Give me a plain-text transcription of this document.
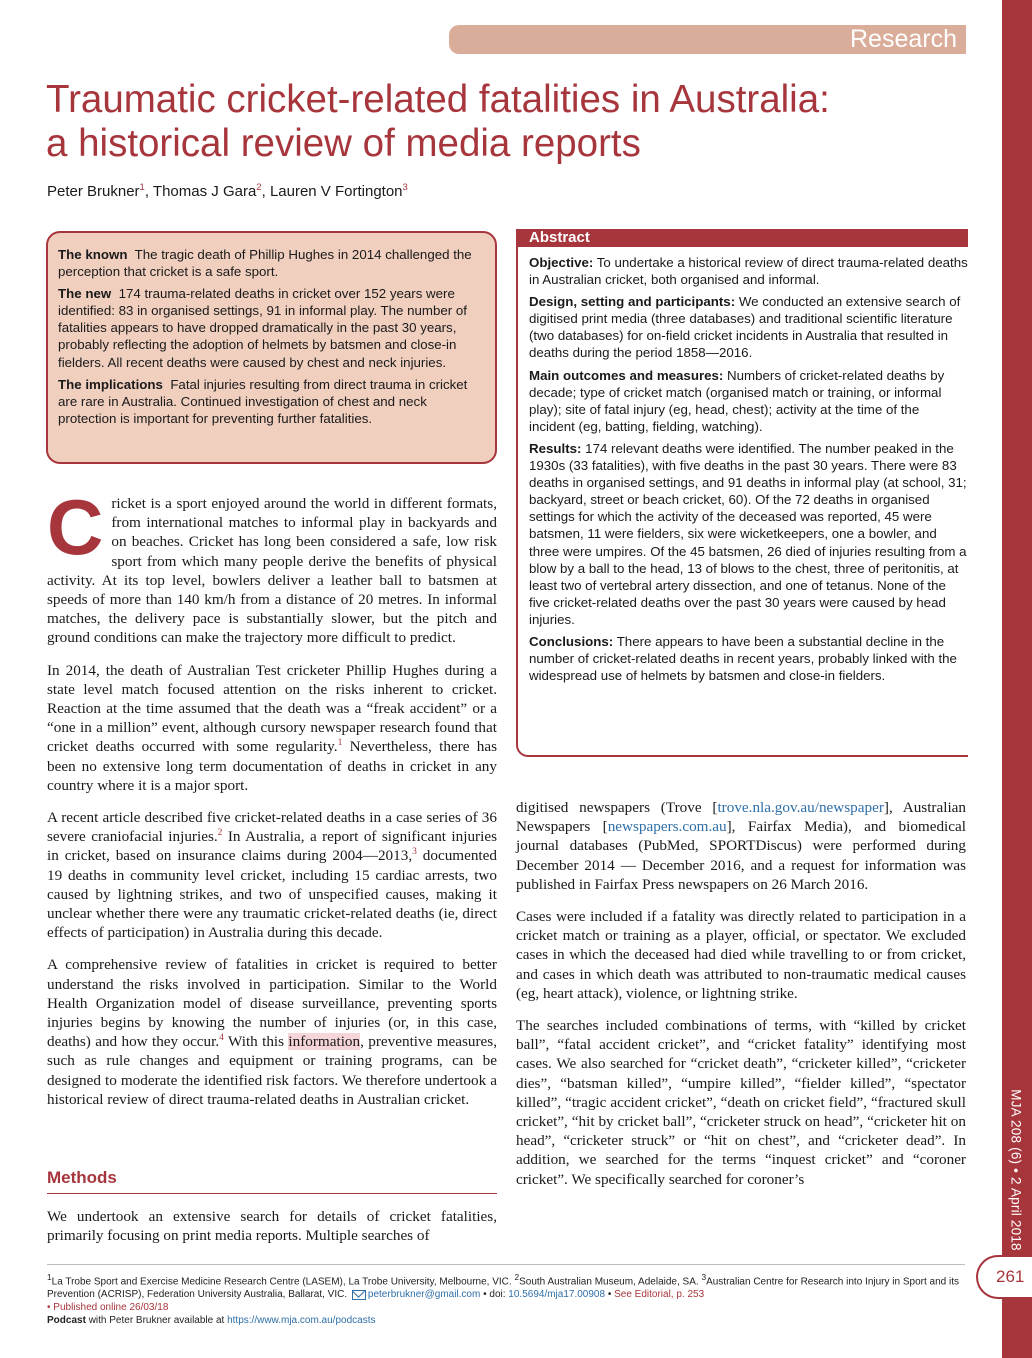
MJA 208 (6) • 2 April 2018
261
Research
Traumatic cricket-related fatalities in Australia:
a historical review of media reports
Peter Brukner$^1$, Thomas J Gara$^2$, Lauren V Fortington$^3$

The known The tragic death of Phillip Hughes in 2014 challenged the perception that cricket is a safe sport.

The new 174 trauma-related deaths in cricket over 152 years were identified: 83 in organised settings, 91 in informal play. The number of fatalities appears to have dropped dramatically in the past 30 years, probably reflecting the adoption of helmets by batsmen and close-in fielders. All recent deaths were caused by chest and neck injuries.

The implications Fatal injuries resulting from direct trauma in cricket are rare in Australia. Continued investigation of chest and neck protection is important for preventing further fatalities.

Abstract

Objective: To undertake a historical review of direct trauma-related deaths in Australian cricket, both organised and informal.

Design, setting and participants: We conducted an extensive search of digitised print media (three databases) and traditional scientific literature (two databases) for on-field cricket incidents in Australia that resulted in deaths during the period 1858—2016.

Main outcomes and measures: Numbers of cricket-related deaths by decade; type of cricket match (organised match or training, or informal play); site of fatal injury (eg, head, chest); activity at the time of the incident (eg, batting, fielding, watching).

Results: 174 relevant deaths were identified. The number peaked in the 1930s (33 fatalities), with five deaths in the past 30 years. There were 83 deaths in organised settings, and 91 deaths in informal play (at school, 31; backyard, street or beach cricket, 60). Of the 72 deaths in organised settings for which the activity of the deceased was reported, 45 were batsmen, 11 were fielders, six were wicketkeepers, one a bowler, and three were umpires. Of the 45 batsmen, 26 died of injuries resulting from a blow by a ball to the head, 13 of blows to the chest, three of peritonitis, at least two of vertebral artery dissection, and one of tetanus. None of the five cricket-related deaths over the past 30 years were caused by head injuries.

Conclusions: There appears to have been a substantial decline in the number of cricket-related deaths in recent years, probably linked with the widespread use of helmets by batsmen and close-in fielders.

Cricket is a sport enjoyed around the world in different formats, from international matches to informal play in backyards and on beaches. Cricket has long been considered a safe, low risk sport from which many people derive the benefits of physical activity. At its top level, bowlers deliver a leather ball to batsmen at speeds of more than 140 km/h from a distance of 20 metres. In informal matches, the delivery pace is substantially slower, but the pitch and ground conditions can make the trajectory more difficult to predict.

In 2014, the death of Australian Test cricketer Phillip Hughes during a state level match focused attention on the risks inherent to cricket. Reaction at the time assumed that the death was a “freak accident” or a “one in a million” event, although cursory newspaper research found that cricket deaths occurred with some regularity.$^1$ Nevertheless, there has been no extensive long term documentation of deaths in cricket in any country where it is a major sport.

A recent article described five cricket-related deaths in a case series of 36 severe craniofacial injuries.$^2$ In Australia, a report of significant injuries in cricket, based on insurance claims during 2004—2013,$^3$ documented 19 deaths in community level cricket, including 15 cardiac arrests, two caused by lightning strikes, and two of unspecified causes, making it unclear whether there were any traumatic cricket-related deaths (ie, direct effects of participation) in Australia during this decade.

A comprehensive review of fatalities in cricket is required to better understand the risks involved in participation. Similar to the World Health Organization model of disease surveillance, preventing sports injuries begins by knowing the number of injuries (or, in this case, deaths) and how they occur.$^4$ With this information, preventive measures, such as rule changes and equipment or training programs, can be designed to moderate the identified risk factors. We therefore undertook a historical review of direct trauma-related deaths in Australian cricket.

Methods

We undertook an extensive search for details of cricket fatalities, primarily focusing on print media reports. Multiple searches of

digitised newspapers (Trove [trove.nla.gov.au/newspaper], Australian Newspapers [newspapers.com.au], Fairfax Media), and biomedical journal databases (PubMed, SPORTDiscus) were performed during December 2014 — December 2016, and a request for information was published in Fairfax Press newspapers on 26 March 2016.

Cases were included if a fatality was directly related to participation in a cricket match or training as a player, official, or spectator. We excluded cases in which the deceased had died while travelling to or from cricket, and cases in which death was attributed to non-traumatic medical causes (eg, heart attack), violence, or lightning strike.

The searches included combinations of terms, with “killed by cricket ball”, “fatal accident cricket”, and “cricket fatality” identifying most cases. We also searched for “cricket death”, “cricketer killed”, “cricketer dies”, “batsman killed”, “umpire killed”, “fielder killed”, “spectator killed”, “tragic accident cricket”, “death on cricket field”, “fractured skull cricket”, “hit by cricket ball”, “cricketer struck on head”, “cricketer hit on head”, “cricketer struck” or “hit on chest”, and “cricketer dead”. In addition, we searched for the terms “inquest cricket” and “coroner cricket”. We specifically searched for coroner’s

$^1$La Trobe Sport and Exercise Medicine Research Centre (LASEM), La Trobe University, Melbourne, VIC. $^2$South Australian Museum, Adelaide, SA. $^3$Australian Centre for Research into Injury in Sport and its Prevention (ACRISP), Federation University Australia, Ballarat, VIC. peterbrukner@gmail.com • doi: 10.5694/mja17.00908 • See Editorial, p. 253
• Published online 26/03/18
Podcast with Peter Brukner available at https://www.mja.com.au/podcasts
